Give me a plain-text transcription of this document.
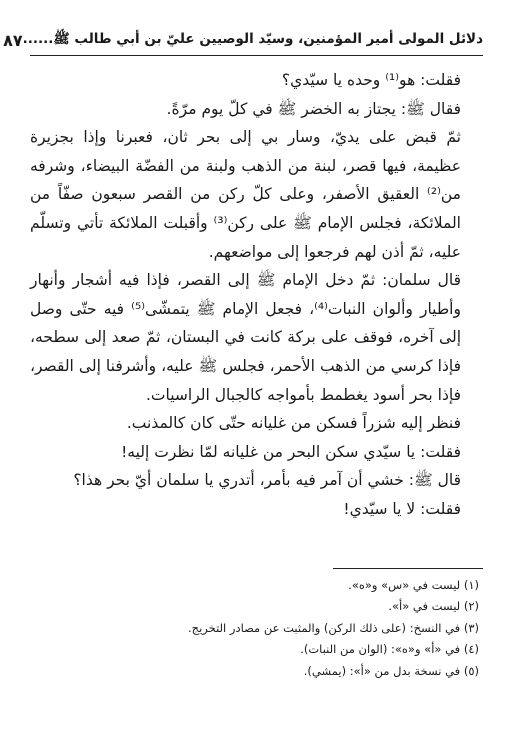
دلائل المولى أمير المؤمنين، وسيّد الوصيين عليّ بن أبي طالب ﷺ......
٨٧

فقلت: هو⁽¹⁾ وحده يا سيّدي؟

فقال ﷺ: يجتاز به الخضر ﷺ في كلّ يوم مرّةً.

ثمّ قبض على يديّ، وسار بي إلى بحر ثان، فعبرنا وإذا بجزيرة عظيمة، فيها قصر، لبنة من الذهب ولبنة من الفضّة البيضاء، وشرفه من⁽²⁾ العقيق الأصفر، وعلى كلّ ركن من القصر سبعون صفّاً من الملائكة، فجلس الإمام ﷺ على ركن⁽³⁾ وأقبلت الملائكة تأتي وتسلّم عليه، ثمّ أذن لهم فرجعوا إلى مواضعهم.

قال سلمان: ثمّ دخل الإمام ﷺ إلى القصر، فإذا فيه أشجار وأنهار وأطيار وألوان النبات⁽⁴⁾، فجعل الإمام ﷺ يتمشّى⁽⁵⁾ فيه حتّى وصل إلى آخره، فوقف على بركة كانت في البستان، ثمّ صعد إلى سطحه، فإذا كرسي من الذهب الأحمر، فجلس ﷺ عليه، وأشرفنا إلى القصر، فإذا بحر أسود يغطمط بأمواجه كالجبال الراسيات.

فنظر إليه شزراً فسكن من غليانه حتّى كان كالمذنب.

فقلت: يا سيّدي سكن البحر من غليانه لمّا نظرت إليه!

قال ﷺ: خشي أن آمر فيه بأمر، أتدري يا سلمان أيّ بحر هذا؟

فقلت: لا يا سيّدي!

(١) ليست في «س» و«ه».
(٢) ليست في «أ».
(٣) في النسخ: (على ذلك الركن) والمثبت عن مصادر التخريج.
(٤) في «أ» و«ه»: (الوان من النبات).
(٥) في نسخة بدل من «أ»: (يمشي).
